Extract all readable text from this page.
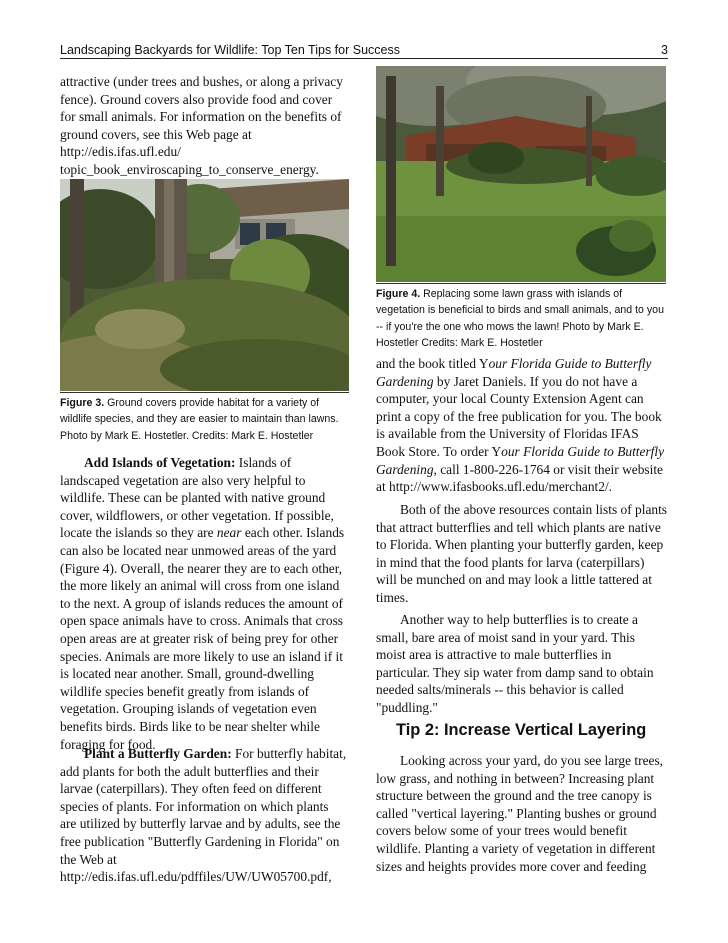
Landscaping Backyards for Wildlife: Top Ten Tips for Success	3

attractive (under trees and bushes, or along a privacy fence). Ground covers also provide food and cover for small animals. For information on the benefits of ground covers, see this Web page at http://edis.ifas.ufl.edu/ topic_book_enviroscaping_to_conserve_energy.

Figure 3. Ground covers provide habitat for a variety of wildlife species, and they are easier to maintain than lawns. Photo by Mark E. Hostetler. Credits: Mark E. Hostetler

Add Islands of Vegetation: Islands of landscaped vegetation are also very helpful to wildlife. These can be planted with native ground cover, wildflowers, or other vegetation. If possible, locate the islands so they are near each other. Islands can also be located near unmowed areas of the yard (Figure 4). Overall, the nearer they are to each other, the more likely an animal will cross from one island to the next. A group of islands reduces the amount of open space animals have to cross. Animals that cross open areas are at greater risk of being prey for other species. Animals are more likely to use an island if it is located near another. Small, ground-dwelling wildlife species benefit greatly from islands of vegetation. Grouping islands of vegetation even benefits birds. Birds like to be near shelter while foraging for food.

Plant a Butterfly Garden: For butterfly habitat, add plants for both the adult butterflies and their larvae (caterpillars). They often feed on different species of plants. For information on which plants are utilized by butterfly larvae and by adults, see the free publication "Butterfly Gardening in Florida" on the Web at http://edis.ifas.ufl.edu/pdffiles/UW/UW05700.pdf,

Figure 4. Replacing some lawn grass with islands of vegetation is beneficial to birds and small animals, and to you -- if you're the one who mows the lawn! Photo by Mark E. Hostetler Credits: Mark E. Hostetler

and the book titled Your Florida Guide to Butterfly Gardening by Jaret Daniels. If you do not have a computer, your local County Extension Agent can print a copy of the free publication for you. The book is available from the University of Floridas IFAS Book Store. To order Your Florida Guide to Butterfly Gardening, call 1-800-226-1764 or visit their website at http://www.ifasbooks.ufl.edu/merchant2/.

Both of the above resources contain lists of plants that attract butterflies and tell which plants are native to Florida. When planting your butterfly garden, keep in mind that the food plants for larva (caterpillars) will be munched on and may look a little tattered at times.

Another way to help butterflies is to create a small, bare area of moist sand in your yard. This moist area is attractive to male butterflies in particular. They sip water from damp sand to obtain needed salts/minerals -- this behavior is called "puddling."

Tip 2: Increase Vertical Layering

Looking across your yard, do you see large trees, low grass, and nothing in between? Increasing plant structure between the ground and the tree canopy is called "vertical layering." Planting bushes or ground covers below some of your trees would benefit wildlife. Planting a variety of vegetation in different sizes and heights provides more cover and feeding
